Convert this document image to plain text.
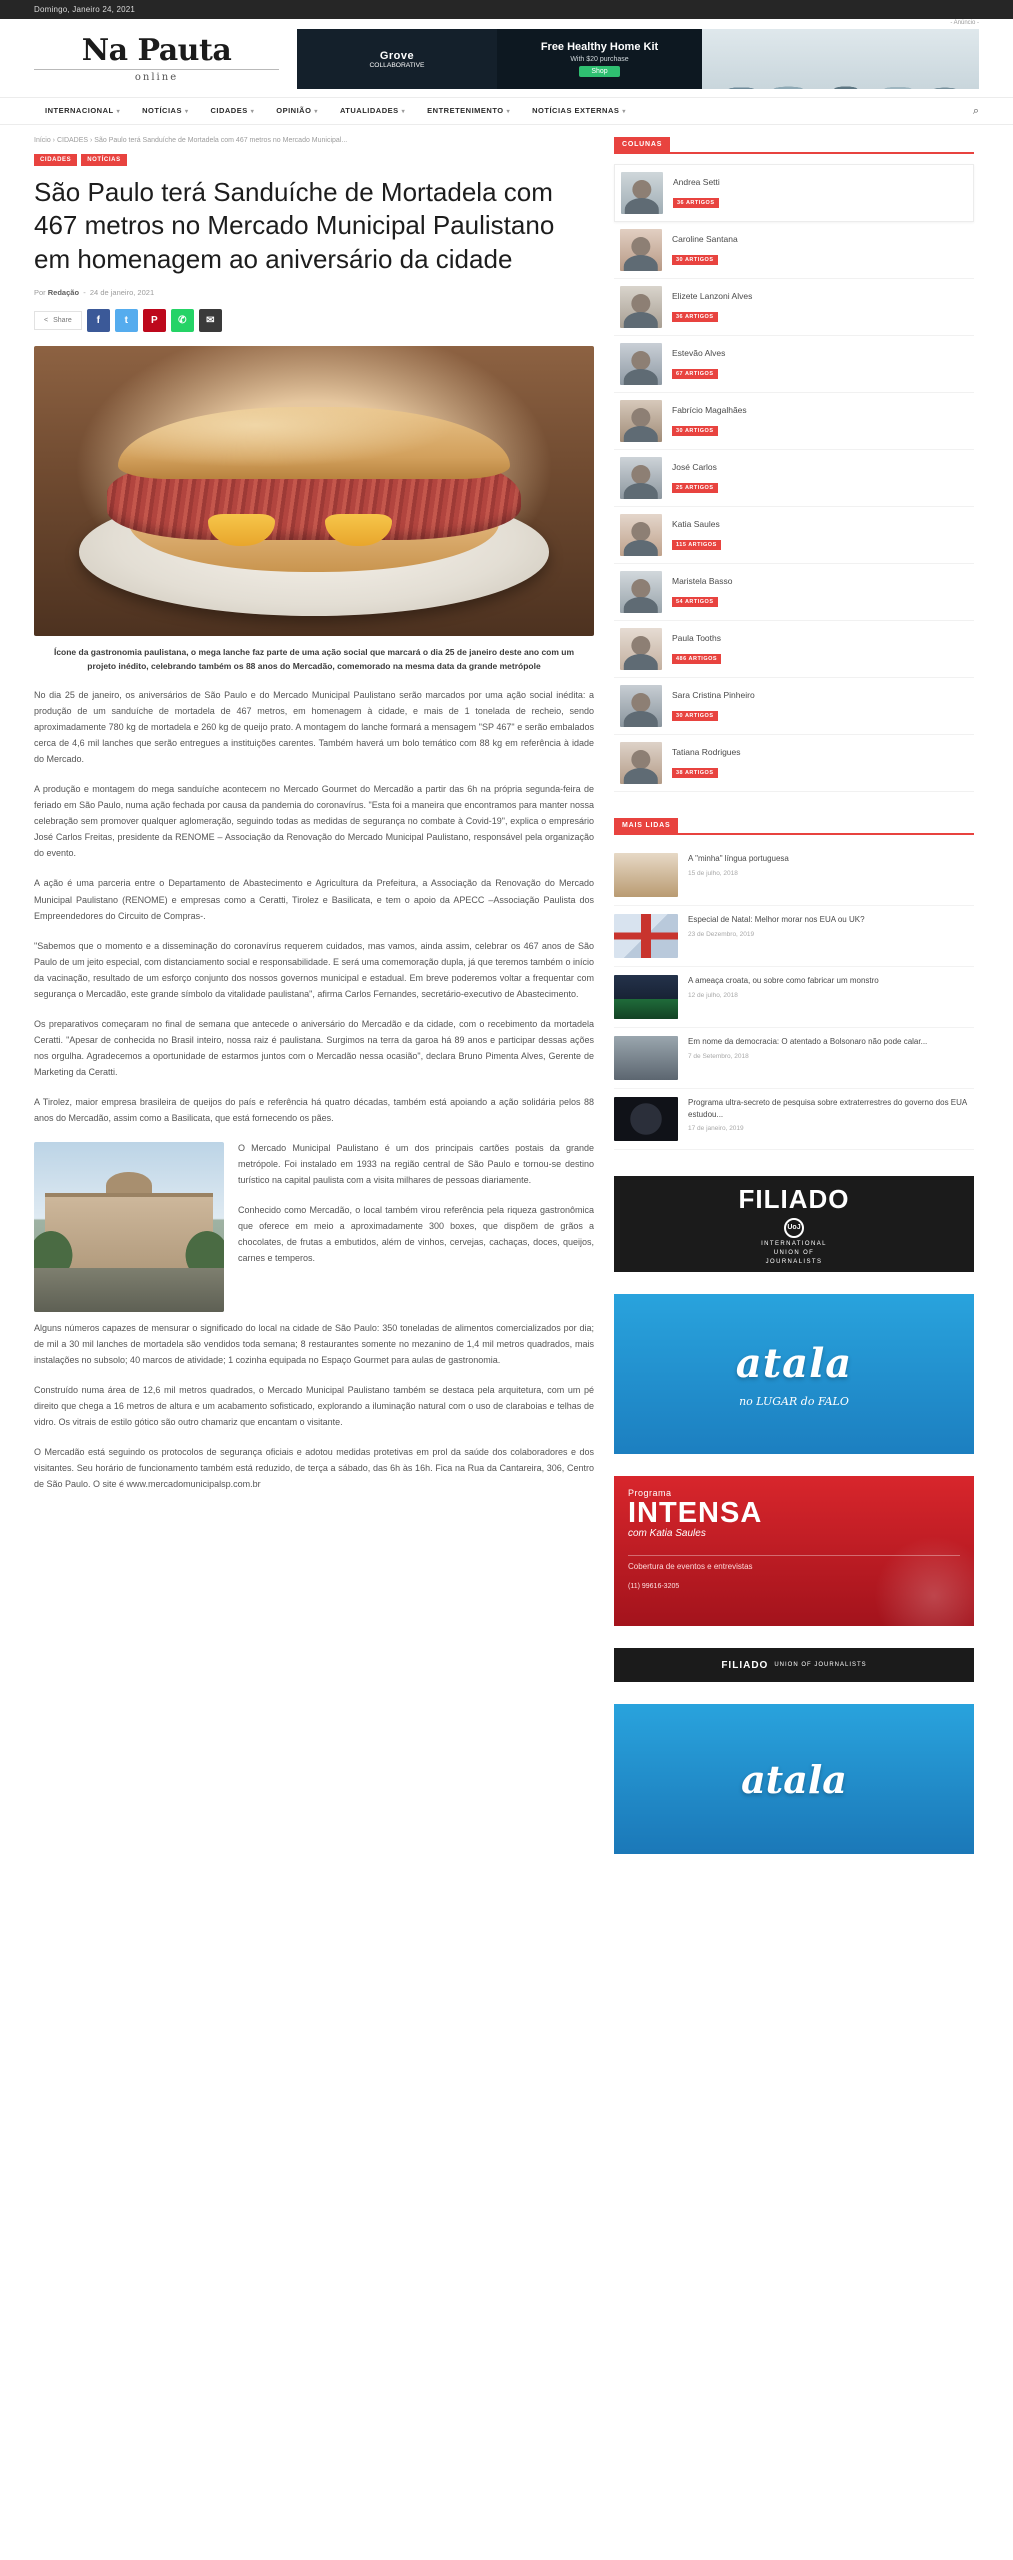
Domingo, Janeiro 24, 2021
Na Pauta
online
- Anúncio -
Grove
COLLABORATIVE
Free Healthy Home Kit
With $20 purchase
Shop
INTERNACIONAL ▾	NOTÍCIAS ▾	CIDADES ▾	OPINIÃO ▾	ATUALIDADES ▾	ENTRETENIMENTO ▾	NOTÍCIAS EXTERNAS ▾	⌕
Início › CIDADES › São Paulo terá Sanduíche de Mortadela com 467 metros no Mercado Municipal...
CIDADES	NOTÍCIAS
São Paulo terá Sanduíche de Mortadela com 467 metros no Mercado Municipal Paulistano em homenagem ao aniversário da cidade
Por Redação  -  24 de janeiro, 2021
< Share	f	t	P	✆	✉
Ícone da gastronomia paulistana, o mega lanche faz parte de uma ação social que marcará o dia 25 de janeiro deste ano com um projeto inédito, celebrando também os 88 anos do Mercadão, comemorado na mesma data da grande metrópole

No dia 25 de janeiro, os aniversários de São Paulo e do Mercado Municipal Paulistano serão marcados por uma ação social inédita: a produção de um sanduíche de mortadela de 467 metros, em homenagem à cidade, e mais de 1 tonelada de recheio, sendo aproximadamente 780 kg de mortadela e 260 kg de queijo prato. A montagem do lanche formará a mensagem "SP 467" e serão embalados cerca de 4,6 mil lanches que serão entregues a instituições carentes. Também haverá um bolo temático com 88 kg em referência à idade do Mercado.

A produção e montagem do mega sanduíche acontecem no Mercado Gourmet do Mercadão a partir das 6h na própria segunda-feira de feriado em São Paulo, numa ação fechada por causa da pandemia do coronavírus. "Esta foi a maneira que encontramos para manter nossa celebração sem promover qualquer aglomeração, seguindo todas as medidas de segurança no combate à Covid-19", explica o empresário José Carlos Freitas, presidente da RENOME – Associação da Renovação do Mercado Municipal Paulistano, responsável pela organização do evento.

A ação é uma parceria entre o Departamento de Abastecimento e Agricultura da Prefeitura, a Associação da Renovação do Mercado Municipal Paulistano (RENOME) e empresas como a Ceratti, Tirolez e Basilicata, e tem o apoio da APECC –Associação Paulista dos Empreendedores do Circuito de Compras-.

"Sabemos que o momento e a disseminação do coronavírus requerem cuidados, mas vamos, ainda assim, celebrar os 467 anos de São Paulo de um jeito especial, com distanciamento social e responsabilidade. E será uma comemoração dupla, já que teremos também o início da vacinação, resultado de um esforço conjunto dos nossos governos municipal e estadual. Em breve poderemos voltar a frequentar com segurança o Mercadão, este grande símbolo da vitalidade paulistana", afirma Carlos Fernandes, secretário-executivo de Abastecimento.

Os preparativos começaram no final de semana que antecede o aniversário do Mercadão e da cidade, com o recebimento da mortadela Ceratti. "Apesar de conhecida no Brasil inteiro, nossa raiz é paulistana. Surgimos na terra da garoa há 89 anos e participar dessas ações nos orgulha. Agradecemos a oportunidade de estarmos juntos com o Mercadão nessa ocasião", declara Bruno Pimenta Alves, Gerente de Marketing da Ceratti.

A Tirolez, maior empresa brasileira de queijos do país e referência há quatro décadas, também está apoiando a ação solidária pelos 88 anos do Mercadão, assim como a Basilicata, que está fornecendo os pães.

O Mercado Municipal Paulistano é um dos principais cartões postais da grande metrópole. Foi instalado em 1933 na região central de São Paulo e tornou-se destino turístico na capital paulista com a visita milhares de pessoas diariamente.

Conhecido como Mercadão, o local também virou referência pela riqueza gastronômica que oferece em meio a aproximadamente 300 boxes, que dispõem de grãos a chocolates, de frutas a embutidos, além de vinhos, cervejas, cachaças, doces, queijos, carnes e temperos.

Alguns números capazes de mensurar o significado do local na cidade de São Paulo: 350 toneladas de alimentos comercializados por dia; de mil a 30 mil lanches de mortadela são vendidos toda semana; 8 restaurantes somente no mezanino de 1,4 mil metros quadrados, mais instalações no subsolo; 40 marcos de atividade; 1 cozinha equipada no Espaço Gourmet para aulas de gastronomia.

Construído numa área de 12,6 mil metros quadrados, o Mercado Municipal Paulistano também se destaca pela arquitetura, com um pé direito que chega a 16 metros de altura e um acabamento sofisticado, explorando a iluminação natural com o uso de claraboias e telhas de vidro. Os vitrais de estilo gótico são outro chamariz que encantam o visitante.

O Mercadão está seguindo os protocolos de segurança oficiais e adotou medidas protetivas em prol da saúde dos colaboradores e dos visitantes. Seu horário de funcionamento também está reduzido, de terça a sábado, das 6h às 16h. Fica na Rua da Cantareira, 306, Centro de São Paulo. O site é www.mercadomunicipalsp.com.br

COLUNAS
Andrea Setti
36 ARTIGOS
Caroline Santana
30 ARTIGOS
Elizete Lanzoni Alves
36 ARTIGOS
Estevão Alves
67 ARTIGOS
Fabrício Magalhães
30 ARTIGOS
José Carlos
25 ARTIGOS
Katia Saules
115 ARTIGOS
Maristela Basso
54 ARTIGOS
Paula Tooths
486 ARTIGOS
Sara Cristina Pinheiro
30 ARTIGOS
Tatiana Rodrigues
38 ARTIGOS
MAIS LIDAS
A "minha" língua portuguesa
15 de julho, 2018
Especial de Natal: Melhor morar nos EUA ou UK?
23 de Dezembro, 2019
A ameaça croata, ou sobre como fabricar um monstro
12 de julho, 2018
Em nome da democracia: O atentado a Bolsonaro não pode calar...
7 de Setembro, 2018
Programa ultra-secreto de pesquisa sobre extraterrestres do governo dos EUA estudou...
17 de janeiro, 2019
FILIADO
UoJ
INTERNATIONAL
UNION OF
JOURNALISTS
atala
no LUGAR do FALO
Programa
INTENSA
com Katia Saules
Cobertura de eventos e entrevistas
(11) 99616-3205
FILIADO UNION OF JOURNALISTS
atala
